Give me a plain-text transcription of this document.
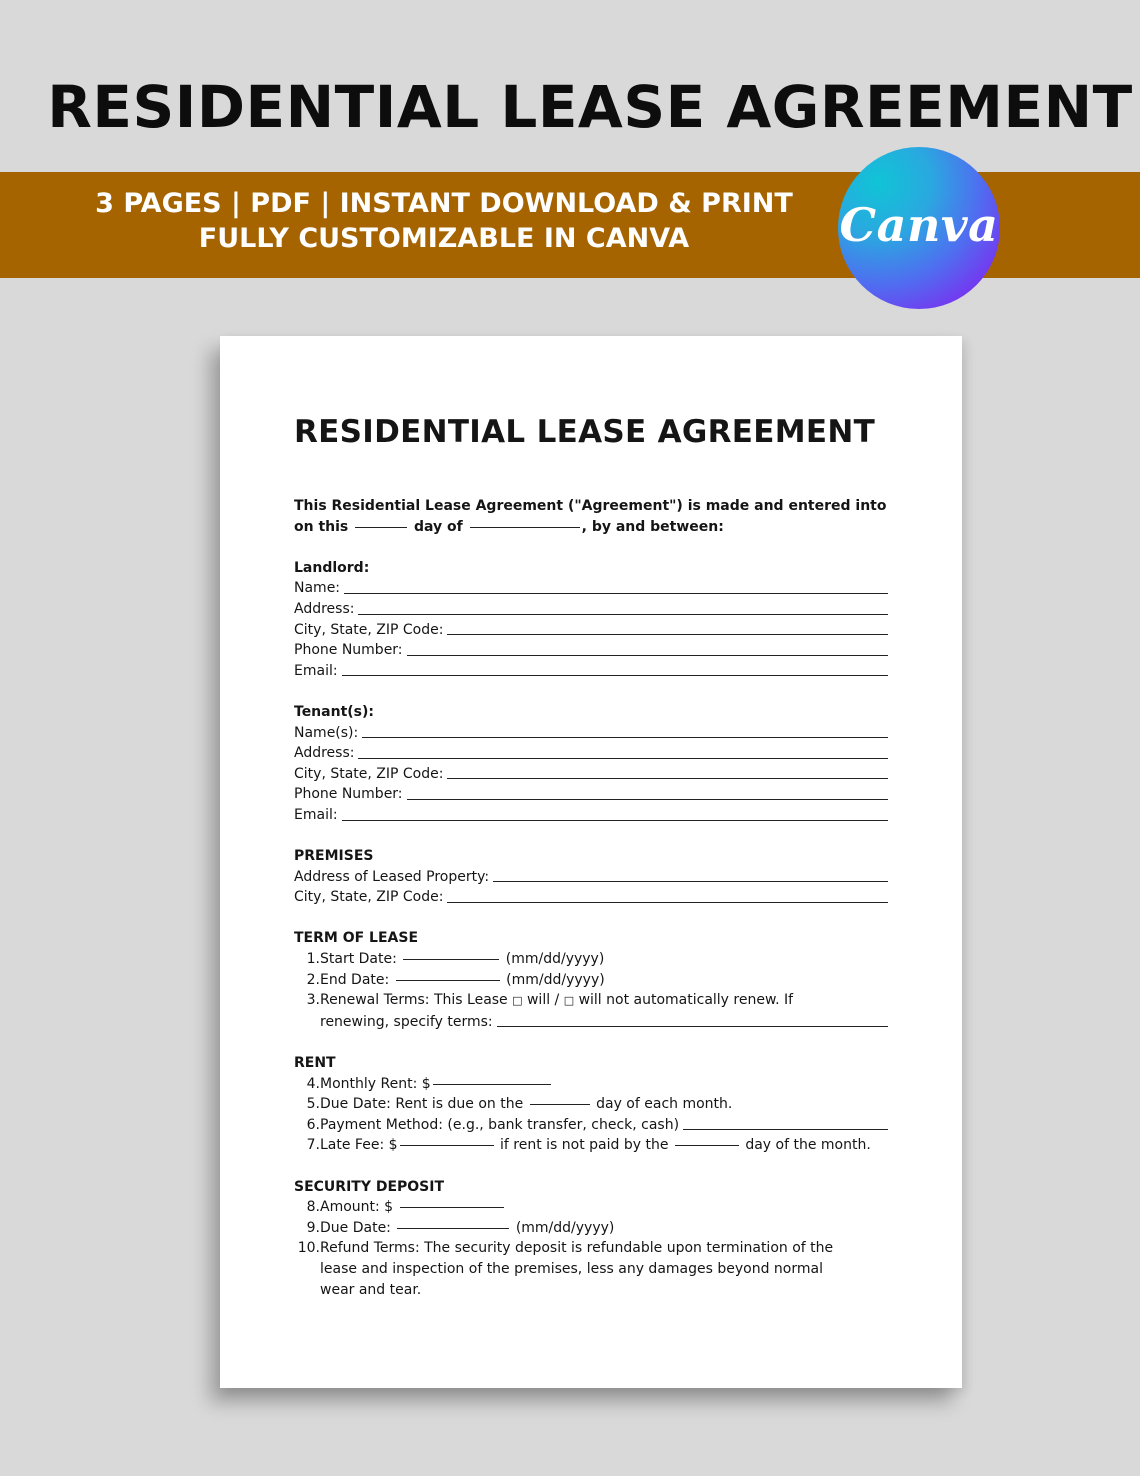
RESIDENTIAL LEASE AGREEMENT
3 PAGES | PDF | INSTANT DOWNLOAD & PRINT
FULLY CUSTOMIZABLE IN CANVA	Canva
RESIDENTIAL LEASE AGREEMENT
This Residential Lease Agreement ("Agreement") is made and entered into
on this	day of	, by and between:
Landlord:
Name:
Address:
City, State, ZIP Code:
Phone Number:
Email:
Tenant(s):
Name(s):
Address:
City, State, ZIP Code:
Phone Number:
Email:
PREMISES
Address of Leased Property:
City, State, ZIP Code:
TERM OF LEASE
1. Start Date:	(mm/dd/yyyy)
2. End Date:	(mm/dd/yyyy)
3. Renewal Terms: This Lease □ will / □ will not automatically renew. If
renewing, specify terms:
RENT
4. Monthly Rent: $
5. Due Date: Rent is due on the	day of each month.
6. Payment Method: (e.g., bank transfer, check, cash)
7. Late Fee: $	if rent is not paid by the	day of the month.
SECURITY DEPOSIT
8. Amount: $
9. Due Date:	(mm/dd/yyyy)
10. Refund Terms: The security deposit is refundable upon termination of the
lease and inspection of the premises, less any damages beyond normal
wear and tear.
